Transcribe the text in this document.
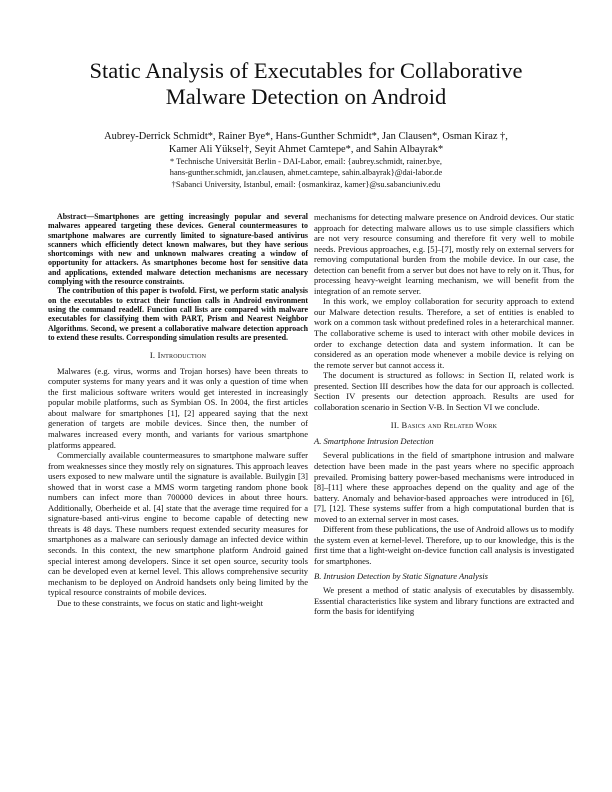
Static Analysis of Executables for Collaborative
Malware Detection on Android
Aubrey-Derrick Schmidt*, Rainer Bye*, Hans-Gunther Schmidt*, Jan Clausen*, Osman Kiraz †,
Kamer Ali Yüksel†, Seyit Ahmet Camtepe*, and Sahin Albayrak*
* Technische Universität Berlin - DAI-Labor, email: {aubrey.schmidt, rainer.bye,
hans-gunther.schmidt, jan.clausen, ahmet.camtepe, sahin.albayrak}@dai-labor.de
†Sabanci University, Istanbul, email: {osmankiraz, kamer}@su.sabanciuniv.edu

Abstract—Smartphones are getting increasingly popular and several malwares appeared targeting these devices. General countermeasures to smartphone malwares are currently limited to signature-based antivirus scanners which efficiently detect known malwares, but they have serious shortcomings with new and unknown malwares creating a window of opportunity for attackers. As smartphones become host for sensitive data and applications, extended malware detection mechanisms are necessary complying with the resource constraints.

The contribution of this paper is twofold. First, we perform static analysis on the executables to extract their function calls in Android environment using the command readelf. Function call lists are compared with malware executables for classifying them with PART, Prism and Nearest Neighbor Algorithms. Second, we present a collaborative malware detection approach to extend these results. Corresponding simulation results are presented.

I. Introduction

Malwares (e.g. virus, worms and Trojan horses) have been threats to computer systems for many years and it was only a question of time when the first malicious software writers would get interested in increasingly popular mobile platforms, such as Symbian OS. In 2004, the first articles about malware for smartphones [1], [2] appeared saying that the next generation of targets are mobile devices. Since then, the number of malwares increased every month, and variants for various smartphone platforms appeared.

Commercially available countermeasures to smartphone malware suffer from weaknesses since they mostly rely on signatures. This approach leaves users exposed to new malware until the signature is available. Builygin [3] showed that in worst case a MMS worm targeting random phone book numbers can infect more than 700000 devices in about three hours. Additionally, Oberheide et al. [4] state that the average time required for a signature-based anti-virus engine to become capable of detecting new threats is 48 days. These numbers request extended security measures for smartphones as a malware can seriously damage an infected device within seconds. In this context, the new smartphone platform Android gained special interest among developers. Since it set open source, security tools can be developed even at kernel level. This allows comprehensive security mechanism to be deployed on Android handsets only being limited by the typical resource constraints of mobile devices.

Due to these constraints, we focus on static and light-weight

mechanisms for detecting malware presence on Android devices. Our static approach for detecting malware allows us to use simple classifiers which are not very resource consuming and therefore fit very well to mobile needs. Previous approaches, e.g. [5]–[7], mostly rely on external servers for removing computational burden from the mobile device. In our case, the detection can benefit from a server but does not have to rely on it. Thus, for processing heavy-weight learning mechanism, we will benefit from the integration of an remote server.

In this work, we employ collaboration for security approach to extend our Malware detection results. Therefore, a set of entities is enabled to work on a common task without predefined roles in a heterarchical manner. The collaborative scheme is used to interact with other mobile devices in order to exchange detection data and system information. It can be considered as an operation mode whenever a mobile device is relying on the remote server but cannot access it.

The document is structured as follows: in Section II, related work is presented. Section III describes how the data for our approach is collected. Section IV presents our detection approach. Results are used for collaboration scenario in Section V-B. In Section VI we conclude.

II. Basics and Related Work
A. Smartphone Intrusion Detection

Several publications in the field of smartphone intrusion and malware detection have been made in the past years where no specific approach prevailed. Promising battery power-based mechanisms were introduced in [8]–[11] where these approaches depend on the quality and age of the battery. Anomaly and behavior-based approaches were introduced in [6], [7], [12]. These systems suffer from a high computational burden that is moved to an external server in most cases.

Different from these publications, the use of Android allows us to modify the system even at kernel-level. Therefore, up to our knowledge, this is the first time that a light-weight on-device function call analysis is investigated for smartphones.

B. Intrusion Detection by Static Signature Analysis

We present a method of static analysis of executables by disassembly. Essential characteristics like system and library functions are extracted and form the basis for identifying
